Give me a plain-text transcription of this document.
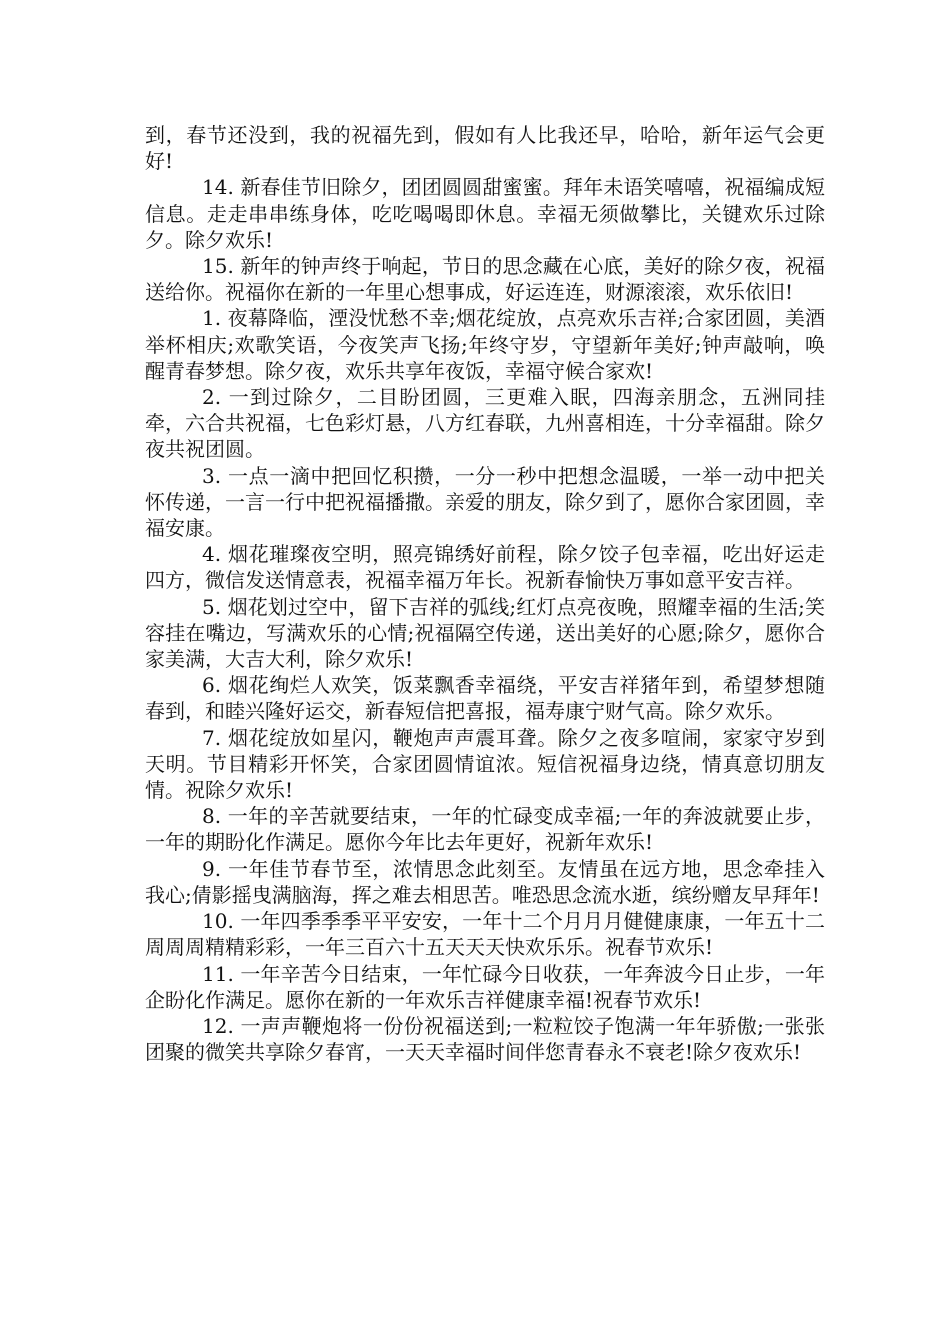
到，春节还没到，我的祝福先到，假如有人比我还早，哈哈，新年运气会更好!

14. 新春佳节旧除夕，团团圆圆甜蜜蜜。拜年未语笑嘻嘻，祝福编成短信息。走走串串练身体，吃吃喝喝即休息。幸福无须做攀比，关键欢乐过除夕。除夕欢乐!

15. 新年的钟声终于响起，节日的思念藏在心底，美好的除夕夜，祝福送给你。祝福你在新的一年里心想事成，好运连连，财源滚滚，欢乐依旧!

1. 夜幕降临，湮没忧愁不幸;烟花绽放，点亮欢乐吉祥;合家团圆，美酒举杯相庆;欢歌笑语，今夜笑声飞扬;年终守岁，守望新年美好;钟声敲响，唤醒青春梦想。除夕夜，欢乐共享年夜饭，幸福守候合家欢!

2. 一到过除夕，二目盼团圆，三更难入眠，四海亲朋念，五洲同挂牵，六合共祝福，七色彩灯悬，八方红春联，九州喜相连，十分幸福甜。除夕夜共祝团圆。

3. 一点一滴中把回忆积攒，一分一秒中把想念温暖，一举一动中把关怀传递，一言一行中把祝福播撒。亲爱的朋友，除夕到了，愿你合家团圆，幸福安康。

4. 烟花璀璨夜空明，照亮锦绣好前程，除夕饺子包幸福，吃出好运走四方，微信发送情意表，祝福幸福万年长。祝新春愉快万事如意平安吉祥。

5. 烟花划过空中，留下吉祥的弧线;红灯点亮夜晚，照耀幸福的生活;笑容挂在嘴边，写满欢乐的心情;祝福隔空传递，送出美好的心愿;除夕，愿你合家美满，大吉大利，除夕欢乐!

6. 烟花绚烂人欢笑，饭菜飘香幸福绕，平安吉祥猪年到，希望梦想随春到，和睦兴隆好运交，新春短信把喜报，福寿康宁财气高。除夕欢乐。

7. 烟花绽放如星闪，鞭炮声声震耳聋。除夕之夜多喧闹，家家守岁到天明。节目精彩开怀笑，合家团圆情谊浓。短信祝福身边绕，情真意切朋友情。祝除夕欢乐!

8. 一年的辛苦就要结束，一年的忙碌变成幸福;一年的奔波就要止步，一年的期盼化作满足。愿你今年比去年更好，祝新年欢乐!

9. 一年佳节春节至，浓情思念此刻至。友情虽在远方地，思念牵挂入我心;倩影摇曳满脑海，挥之难去相思苦。唯恐思念流水逝，缤纷赠友早拜年!

10. 一年四季季季平平安安，一年十二个月月月健健康康，一年五十二周周周精精彩彩，一年三百六十五天天天快欢乐乐。祝春节欢乐!

11. 一年辛苦今日结束，一年忙碌今日收获，一年奔波今日止步，一年企盼化作满足。愿你在新的一年欢乐吉祥健康幸福!祝春节欢乐!

12. 一声声鞭炮将一份份祝福送到;一粒粒饺子饱满一年年骄傲;一张张团聚的微笑共享除夕春宵，一天天幸福时间伴您青春永不衰老!除夕夜欢乐!
